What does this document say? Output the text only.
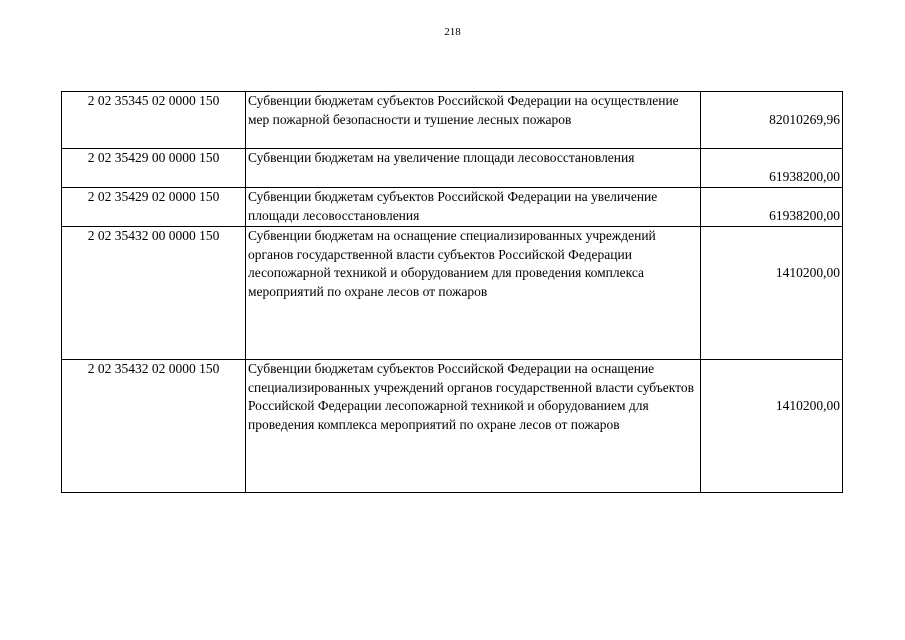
218
2 02 35345 02 0000 150	Субвенции бюджетам субъектов Российской Федерации на осуществление мер пожарной безопасности и тушение лесных пожаров	82010269,96
2 02 35429 00 0000 150	Субвенции бюджетам на увеличение площади лесовосстановления	61938200,00
2 02 35429 02 0000 150	Субвенции бюджетам субъектов Российской Федерации на увеличение площади лесовосстановления	61938200,00
2 02 35432 00 0000 150	Субвенции бюджетам на оснащение специализированных учреждений органов государственной власти субъектов Российской Федерации лесопожарной техникой и оборудованием для проведения комплекса мероприятий по охране лесов от пожаров	1410200,00
2 02 35432 02 0000 150	Субвенции бюджетам субъектов Российской Федерации на оснащение специализированных учреждений органов государственной власти субъектов Российской Федерации лесопожарной техникой и оборудованием для проведения комплекса мероприятий по охране лесов от пожаров	1410200,00
